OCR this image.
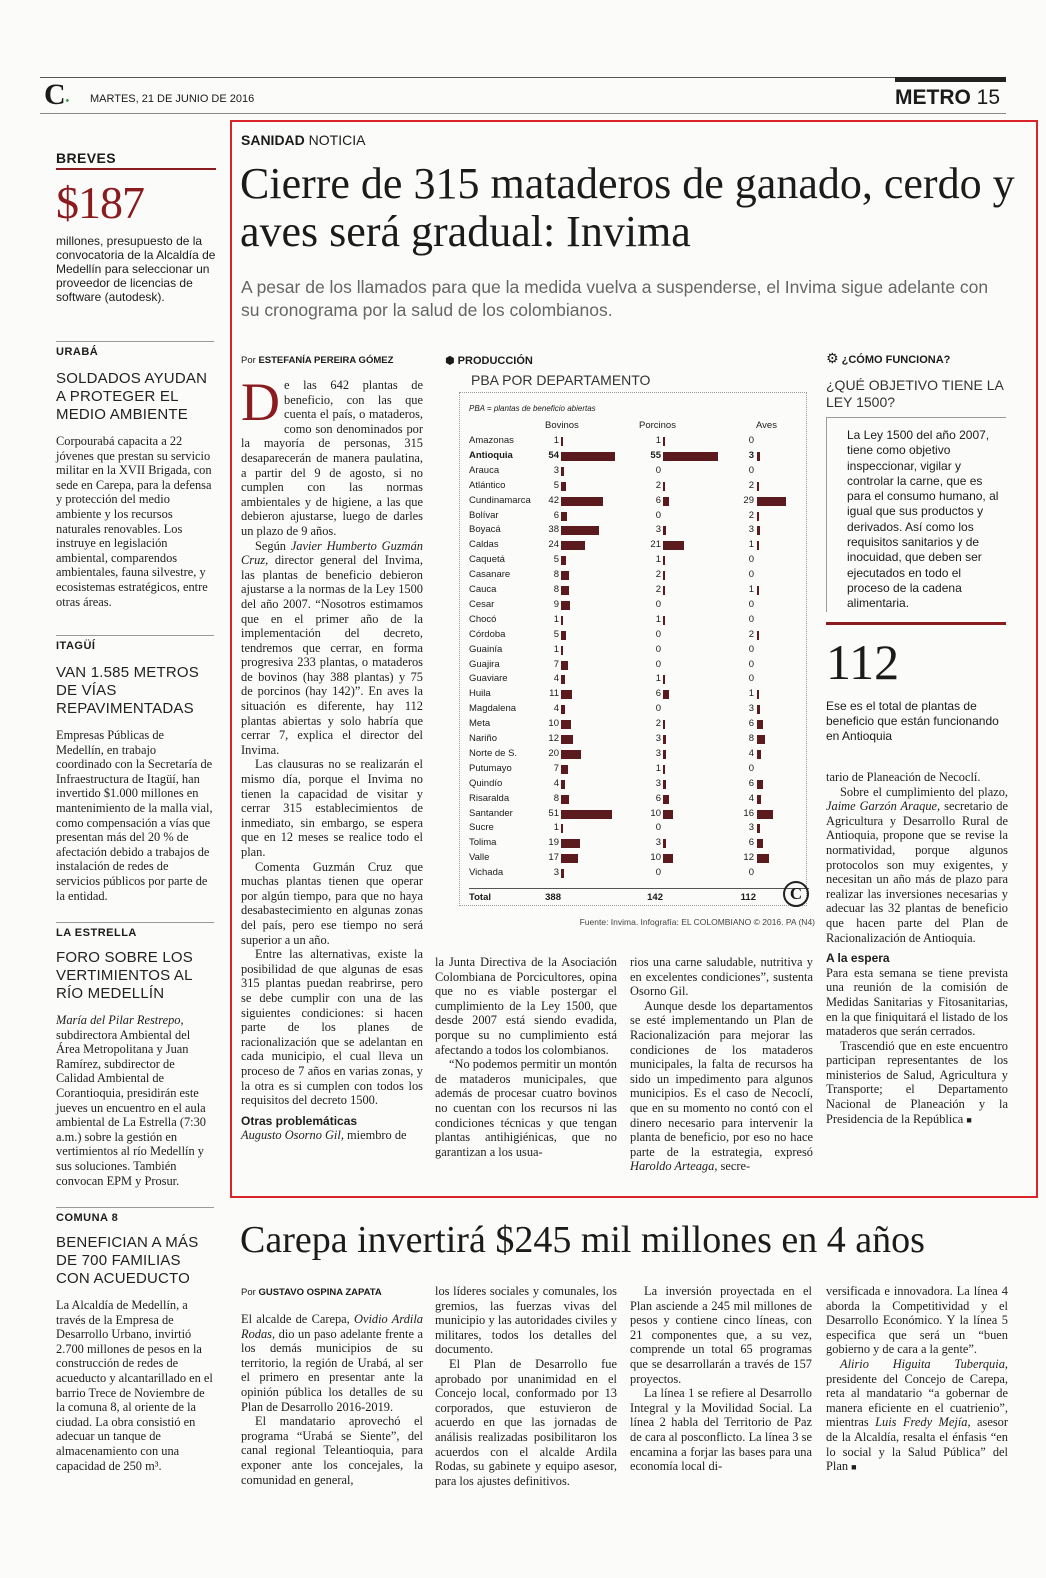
C• MARTES, 21 DE JUNIO DE 2016	METRO 15
BREVES
$187
millones, presupuesto de la convocatoria de la Alcaldía de Medellín para seleccionar un proveedor de licencias de software (autodesk).
URABÁ
SOLDADOS AYUDAN A PROTEGER EL MEDIO AMBIENTE
Corpourabá capacita a 22 jóvenes que prestan su servicio militar en la XVII Brigada, con sede en Carepa, para la defensa y protección del medio ambiente y los recursos naturales renovables. Los instruye en legislación ambiental, comparendos ambientales, fauna silvestre, y ecosistemas estratégicos, entre otras áreas.
ITAGÜÍ
VAN 1.585 METROS DE VÍAS REPAVIMENTADAS
Empresas Públicas de Medellín, en trabajo coordinado con la Secretaría de Infraestructura de Itagüí, han invertido $1.000 millones en mantenimiento de la malla vial, como compensación a vías que presentan más del 20 % de afectación debido a trabajos de instalación de redes de servicios públicos por parte de la entidad.
LA ESTRELLA
FORO SOBRE LOS VERTIMIENTOS AL RÍO MEDELLÍN
María del Pilar Restrepo, subdirectora Ambiental del Área Metropolitana y Juan Ramírez, subdirector de Calidad Ambiental de Corantioquia, presidirán este jueves un encuentro en el aula ambiental de La Estrella (7:30 a.m.) sobre la gestión en vertimientos al río Medellín y sus soluciones. También convocan EPM y Prosur.
COMUNA 8
BENEFICIAN A MÁS DE 700 FAMILIAS CON ACUEDUCTO
La Alcaldía de Medellín, a través de la Empresa de Desarrollo Urbano, invirtió 2.700 millones de pesos en la construcción de redes de acueducto y alcantarillado en el barrio Trece de Noviembre de la comuna 8, al oriente de la ciudad. La obra consistió en adecuar un tanque de almacenamiento con una capacidad de 250 m³.
SANIDAD NOTICIA
Cierre de 315 mataderos de ganado, cerdo y aves será gradual: Invima
A pesar de los llamados para que la medida vuelva a suspenderse, el Invima sigue adelante con su cronograma por la salud de los colombianos.
Por ESTEFANÍA PEREIRA GÓMEZ

De las 642 plantas de beneficio, con las que cuenta el país, o mataderos, como son denominados por la mayoría de personas, 315 desaparecerán de manera paulatina, a partir del 9 de agosto, si no cumplen con las normas ambientales y de higiene, a las que debieron ajustarse, luego de darles un plazo de 9 años.

Según Javier Humberto Guzmán Cruz, director general del Invima, las plantas de beneficio debieron ajustarse a la normas de la Ley 1500 del año 2007. “Nosotros estimamos que en el primer año de la implementación del decreto, tendremos que cerrar, en forma progresiva 233 plantas, o mataderos de bovinos (hay 388 plantas) y 75 de porcinos (hay 142)”. En aves la situación es diferente, hay 112 plantas abiertas y solo habría que cerrar 7, explica el director del Invima.

Las clausuras no se realizarán el mismo día, porque el Invima no tienen la capacidad de visitar y cerrar 315 establecimientos de inmediato, sin embargo, se espera que en 12 meses se realice todo el plan.

Comenta Guzmán Cruz que muchas plantas tienen que operar por algún tiempo, para que no haya desabastecimiento en algunas zonas del país, pero ese tiempo no será superior a un año.

Entre las alternativas, existe la posibilidad de que algunas de esas 315 plantas puedan reabrirse, pero se debe cumplir con una de las siguientes condiciones: si hacen parte de los planes de racionalización que se adelantan en cada municipio, el cual lleva un proceso de 7 años en varias zonas, y la otra es si cumplen con todos los requisitos del decreto 1500.

Otras problemáticas

Augusto Osorno Gil, miembro de

la Junta Directiva de la Asociación Colombiana de Porcicultores, opina que no es viable postergar el cumplimiento de la Ley 1500, que desde 2007 está siendo evadida, porque su no cumplimiento está afectando a todos los colombianos.

“No podemos permitir un montón de mataderos municipales, que además de procesar cuatro bovinos no cuentan con los recursos ni las condiciones técnicas y que tengan plantas antihigiénicas, que no garantizan a los usua-

rios una carne saludable, nutritiva y en excelentes condiciones”, sustenta Osorno Gil.

Aunque desde los departamentos se esté implementando un Plan de Racionalización para mejorar las condiciones de los mataderos municipales, la falta de recursos ha sido un impedimento para algunos municipios. Es el caso de Necoclí, que en su momento no contó con el dinero necesario para intervenir la planta de beneficio, por eso no hace parte de la estrategia, expresó Haroldo Arteaga, secre-

tario de Planeación de Necoclí.

Sobre el cumplimiento del plazo, Jaime Garzón Araque, secretario de Agricultura y Desarrollo Rural de Antioquia, propone que se revise la normatividad, porque algunos protocolos son muy exigentes, y necesitan un año más de plazo para realizar las inversiones necesarias y adecuar las 32 plantas de beneficio que hacen parte del Plan de Racionalización de Antioquia.

A la espera

Para esta semana se tiene prevista una reunión de la comisión de Medidas Sanitarias y Fitosanitarias, en la que finiquitará el listado de los mataderos que serán cerrados.

Trascendió que en este encuentro participan representantes de los ministerios de Salud, Agricultura y Transporte; el Departamento Nacional de Planeación y la Presidencia de la República ■

⚙ ¿CÓMO FUNCIONA?
¿QUÉ OBJETIVO TIENE LA LEY 1500?
La Ley 1500 del año 2007, tiene como objetivo inspeccionar, vigilar y controlar la carne, que es para el consumo humano, al igual que sus productos y derivados. Así como los requisitos sanitarios y de inocuidad, que deben ser ejecutados en todo el proceso de la cadena alimentaria.
112
Ese es el total de plantas de beneficio que están funcionando en Antioquia
⬢ PRODUCCIÓN
PBA POR DEPARTAMENTO
PBA = plantas de beneficio abiertas
Bovinos	Porcinos	Aves
Amazonas	1	1	0
Antioquia	54	55	3
Arauca	3	0	0
Atlántico	5	2	2
Cundinamarca	42	6	29
Bolívar	6	0	2
Boyacá	38	3	3
Caldas	24	21	1
Caquetá	5	1	0
Casanare	8	2	0
Cauca	8	2	1
Cesar	9	0	0
Chocó	1	1	0
Córdoba	5	0	2
Guainía	1	0	0
Guajira	7	0	0
Guaviare	4	1	0
Huila	11	6	1
Magdalena	4	0	3
Meta	10	2	6
Nariño	12	3	8
Norte de S.	20	3	4
Putumayo	7	1	0
Quindío	4	3	6
Risaralda	8	6	4
Santander	51	10	16
Sucre	1	0	3
Tolima	19	3	6
Valle	17	10	12
Vichada	3	0	0
Total	388	142	112	C
Fuente: Invima. Infografía: EL COLOMBIANO © 2016. PA (N4)
Carepa invertirá $245 mil millones en 4 años
Por GUSTAVO OSPINA ZAPATA

El alcalde de Carepa, Ovidio Ardila Rodas, dio un paso adelante frente a los demás municipios de su territorio, la región de Urabá, al ser el primero en presentar ante la opinión pública los detalles de su Plan de Desarrollo 2016-2019.

El mandatario aprovechó el programa “Urabá se Siente”, del canal regional Teleantioquia, para exponer ante los concejales, la comunidad en general,

los líderes sociales y comunales, los gremios, las fuerzas vivas del municipio y las autoridades civiles y militares, todos los detalles del documento.

El Plan de Desarrollo fue aprobado por unanimidad en el Concejo local, conformado por 13 corporados, que estuvieron de acuerdo en que las jornadas de análisis realizadas posibilitaron los acuerdos con el alcalde Ardila Rodas, su gabinete y equipo asesor, para los ajustes definitivos.

La inversión proyectada en el Plan asciende a 245 mil millones de pesos y contiene cinco líneas, con 21 componentes que, a su vez, comprende un total 65 programas que se desarrollarán a través de 157 proyectos.

La línea 1 se refiere al Desarrollo Integral y la Movilidad Social. La línea 2 habla del Territorio de Paz de cara al posconflicto. La línea 3 se encamina a forjar las bases para una economía local di-

versificada e innovadora. La línea 4 aborda la Competitividad y el Desarrollo Económico. Y la línea 5 especifica que será un “buen gobierno y de cara a la gente”.

Alirio Higuita Tuberquia, presidente del Concejo de Carepa, reta al mandatario “a gobernar de manera eficiente en el cuatrienio”, mientras Luis Fredy Mejía, asesor de la Alcaldía, resalta el énfasis “en lo social y la Salud Pública” del Plan ■
